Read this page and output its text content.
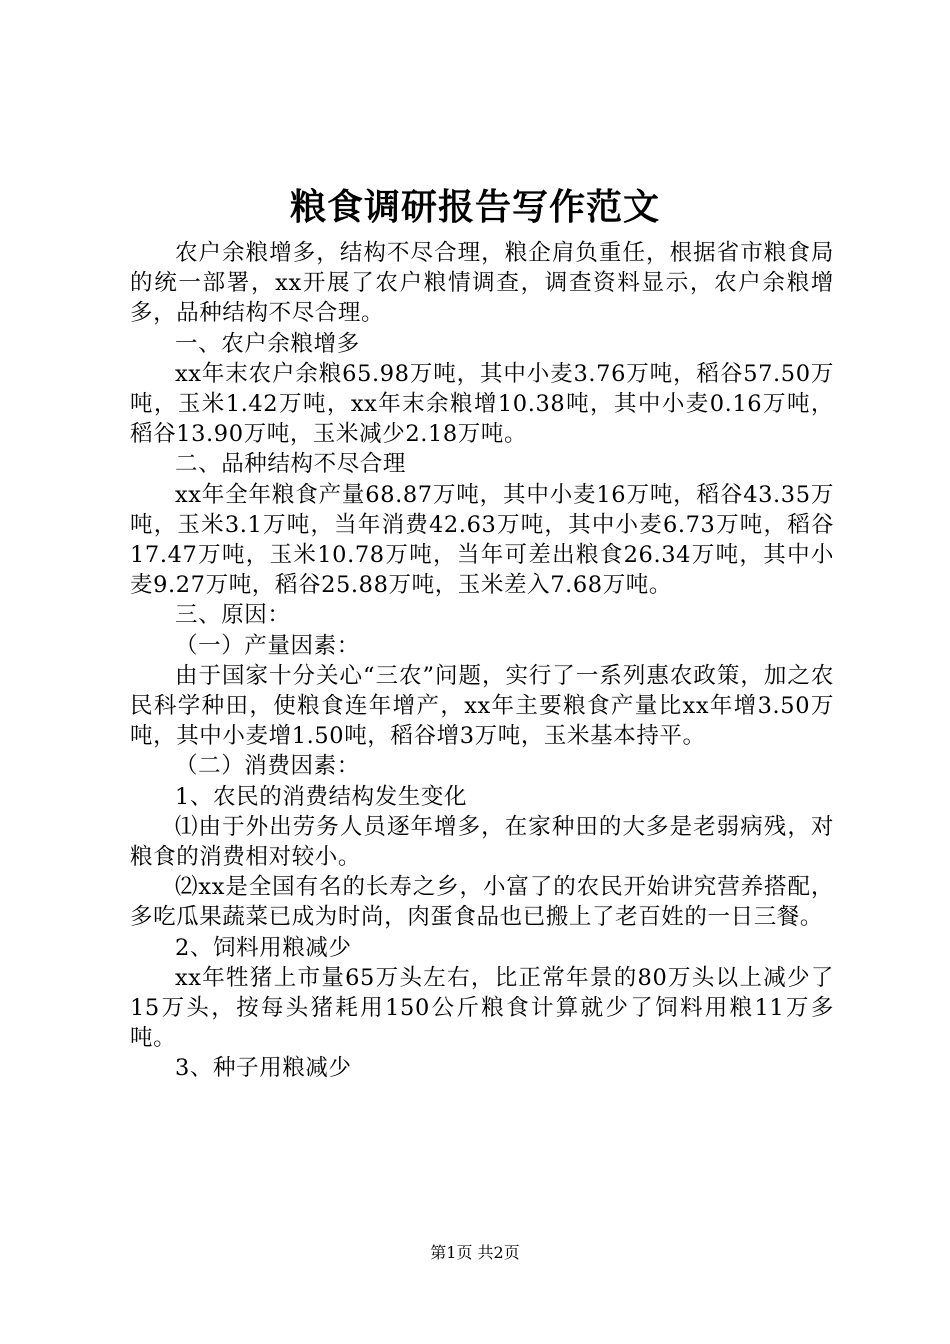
粮食调研报告写作范文

农户余粮增多，结构不尽合理，粮企肩负重任，根据省市粮食局的统一部署，xx开展了农户粮情调查，调查资料显示，农户余粮增多，品种结构不尽合理。

一、农户余粮增多

xx年末农户余粮65.98万吨，其中小麦3.76万吨，稻谷57.50万吨，玉米1.42万吨，xx年末余粮增10.38吨，其中小麦0.16万吨，稻谷13.90万吨，玉米减少2.18万吨。

二、品种结构不尽合理

xx年全年粮食产量68.87万吨，其中小麦16万吨，稻谷43.35万吨，玉米3.1万吨，当年消费42.63万吨，其中小麦6.73万吨，稻谷17.47万吨，玉米10.78万吨，当年可差出粮食26.34万吨，其中小麦9.27万吨，稻谷25.88万吨，玉米差入7.68万吨。

三、原因：

（一）产量因素：

由于国家十分关心“三农”问题，实行了一系列惠农政策，加之农民科学种田，使粮食连年增产，xx年主要粮食产量比xx年增3.50万吨，其中小麦增1.50吨，稻谷增3万吨，玉米基本持平。

（二）消费因素：

1、农民的消费结构发生变化

⑴由于外出劳务人员逐年增多，在家种田的大多是老弱病残，对粮食的消费相对较小。

⑵xx是全国有名的长寿之乡，小富了的农民开始讲究营养搭配，多吃瓜果蔬菜已成为时尚，肉蛋食品也已搬上了老百姓的一日三餐。

2、饲料用粮减少

xx年牲猪上市量65万头左右，比正常年景的80万头以上减少了15万头，按每头猪耗用150公斤粮食计算就少了饲料用粮11万多吨。

3、种子用粮减少

第1页 共2页
